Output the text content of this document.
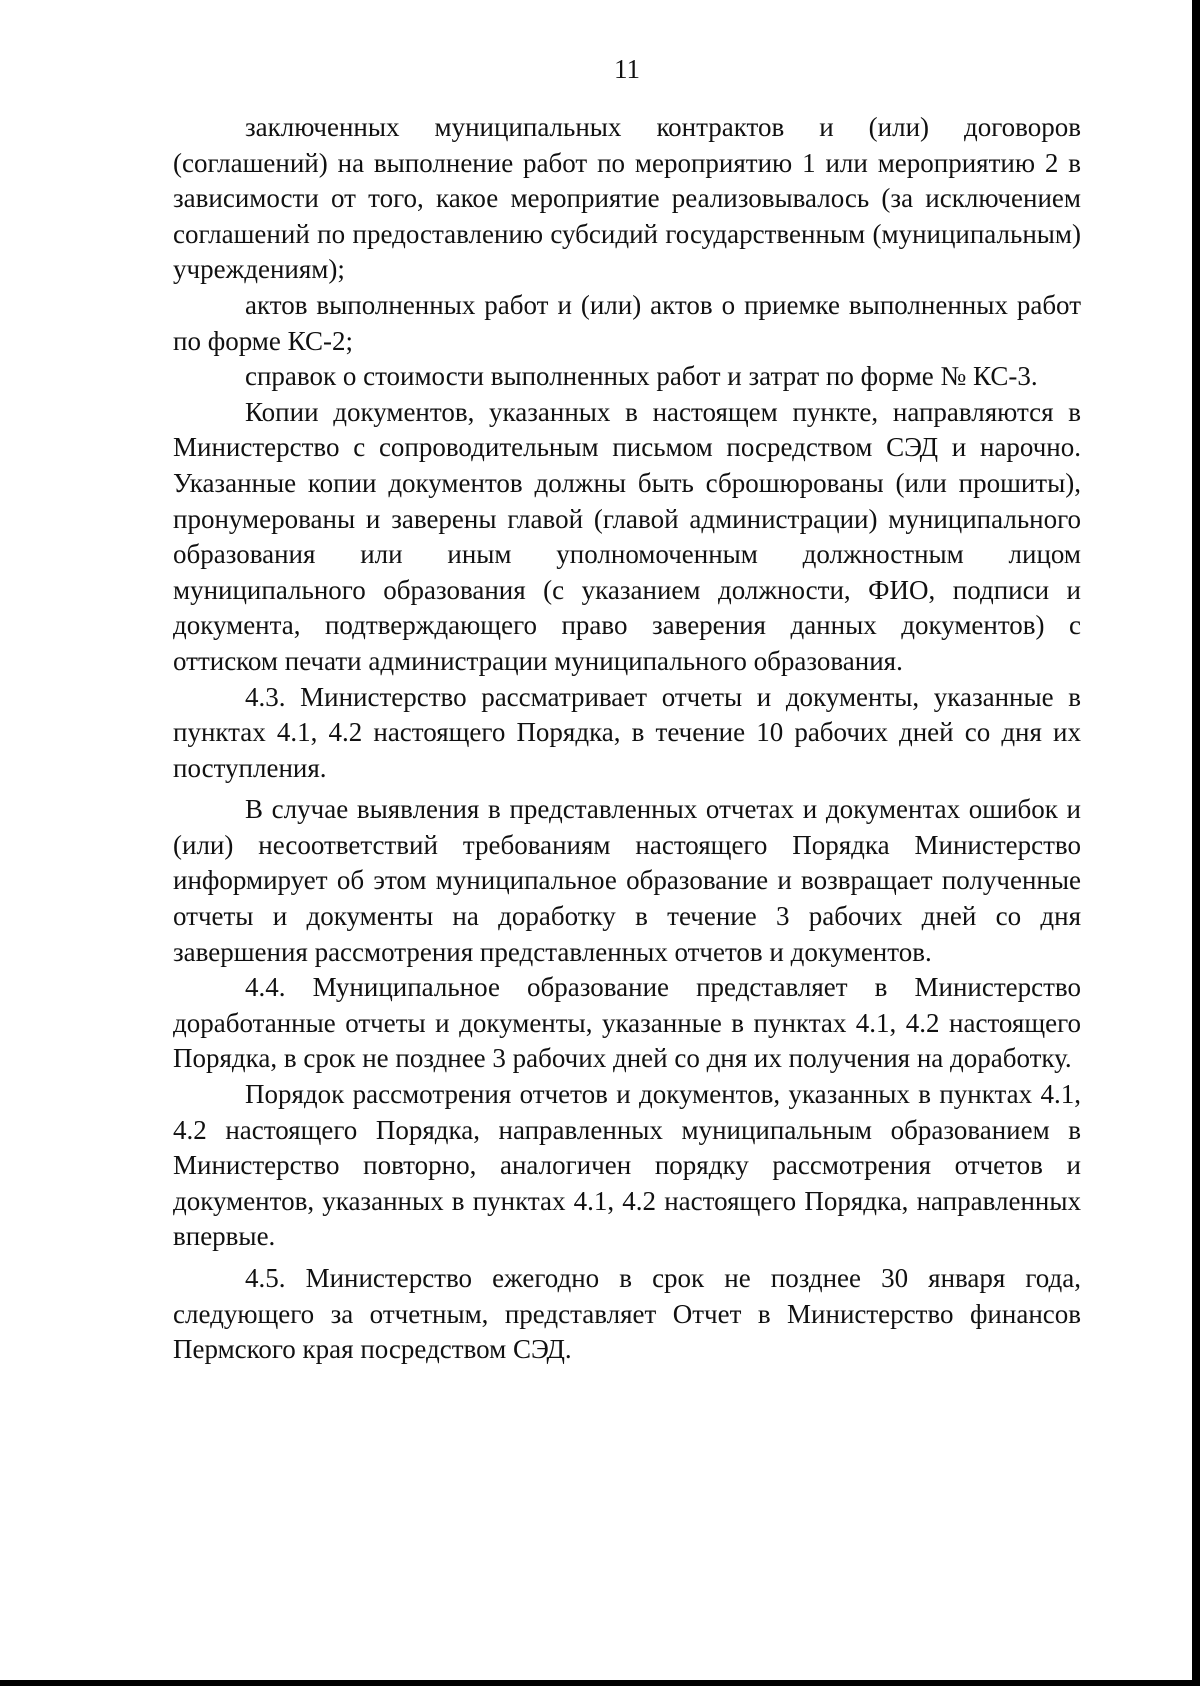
11

заключенных муниципальных контрактов и (или) договоров (соглашений) на выполнение работ по мероприятию 1 или мероприятию 2 в зависимости от того, какое мероприятие реализовывалось (за исключением соглашений по предоставлению субсидий государственным (муниципальным) учреждениям);

актов выполненных работ и (или) актов о приемке выполненных работ по форме КС-2;

справок о стоимости выполненных работ и затрат по форме № КС-3.

Копии документов, указанных в настоящем пункте, направляются в Министерство с сопроводительным письмом посредством СЭД и нарочно. Указанные копии документов должны быть сброшюрованы (или прошиты), пронумерованы и заверены главой (главой администрации) муниципального образования или иным уполномоченным должностным лицом муниципального образования (с указанием должности, ФИО, подписи и документа, подтверждающего право заверения данных документов) с оттиском печати администрации муниципального образования.

4.3. Министерство рассматривает отчеты и документы, указанные в пунктах 4.1, 4.2 настоящего Порядка, в течение 10 рабочих дней со дня их поступления.

В случае выявления в представленных отчетах и документах ошибок и (или) несоответствий требованиям настоящего Порядка Министерство информирует об этом муниципальное образование и возвращает полученные отчеты и документы на доработку в течение 3 рабочих дней со дня завершения рассмотрения представленных отчетов и документов.

4.4. Муниципальное образование представляет в Министерство доработанные отчеты и документы, указанные в пунктах 4.1, 4.2 настоящего Порядка, в срок не позднее 3 рабочих дней со дня их получения на доработку.

Порядок рассмотрения отчетов и документов, указанных в пунктах 4.1, 4.2 настоящего Порядка, направленных муниципальным образованием в Министерство повторно, аналогичен порядку рассмотрения отчетов и документов, указанных в пунктах 4.1, 4.2 настоящего Порядка, направленных впервые.

4.5. Министерство ежегодно в срок не позднее 30 января года, следующего за отчетным, представляет Отчет в Министерство финансов Пермского края посредством СЭД.
